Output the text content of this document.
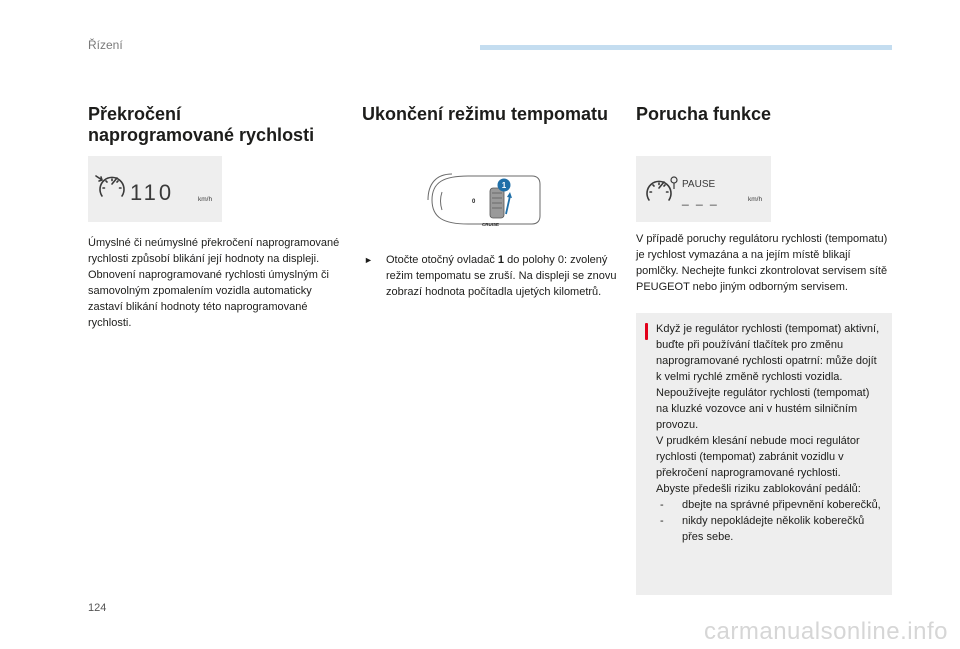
Řízení
Překročení
naprogramované rychlosti
110	km/h

Úmyslné či neúmyslné překročení naprogramované rychlosti způsobí blikání její hodnoty na displeji.

Obnovení naprogramované rychlosti úmyslným či samovolným zpomalením vozidla automaticky zastaví blikání hodnoty této naprogramované rychlosti.

Ukončení režimu tempomatu
0
CRUISE
1
► Otočte otočný ovladač 1 do polohy 0: zvolený režim tempomatu se zruší. Na displeji se znovu zobrazí hodnota počítadla ujetých kilometrů.
Porucha funkce
PAUSE
_ _ _	km/h

V případě poruchy regulátoru rychlosti (tempomatu) je rychlost vymazána a na jejím místě blikají pomlčky. Nechejte funkci zkontrolovat servisem sítě PEUGEOT nebo jiným odborným servisem.

Když je regulátor rychlosti (tempomat) aktivní, buďte při používání tlačítek pro změnu naprogramované rychlosti opatrní: může dojít k velmi rychlé změně rychlosti vozidla.

Nepoužívejte regulátor rychlosti (tempomat) na kluzké vozovce ani v hustém silničním provozu.

V prudkém klesání nebude moci regulátor rychlosti (tempomat) zabránit vozidlu v překročení naprogramované rychlosti.

Abyste předešli riziku zablokování pedálů:

- dbejte na správné připevnění koberečků,
- nikdy nepokládejte několik koberečků přes sebe.
124
carmanualsonline.info
